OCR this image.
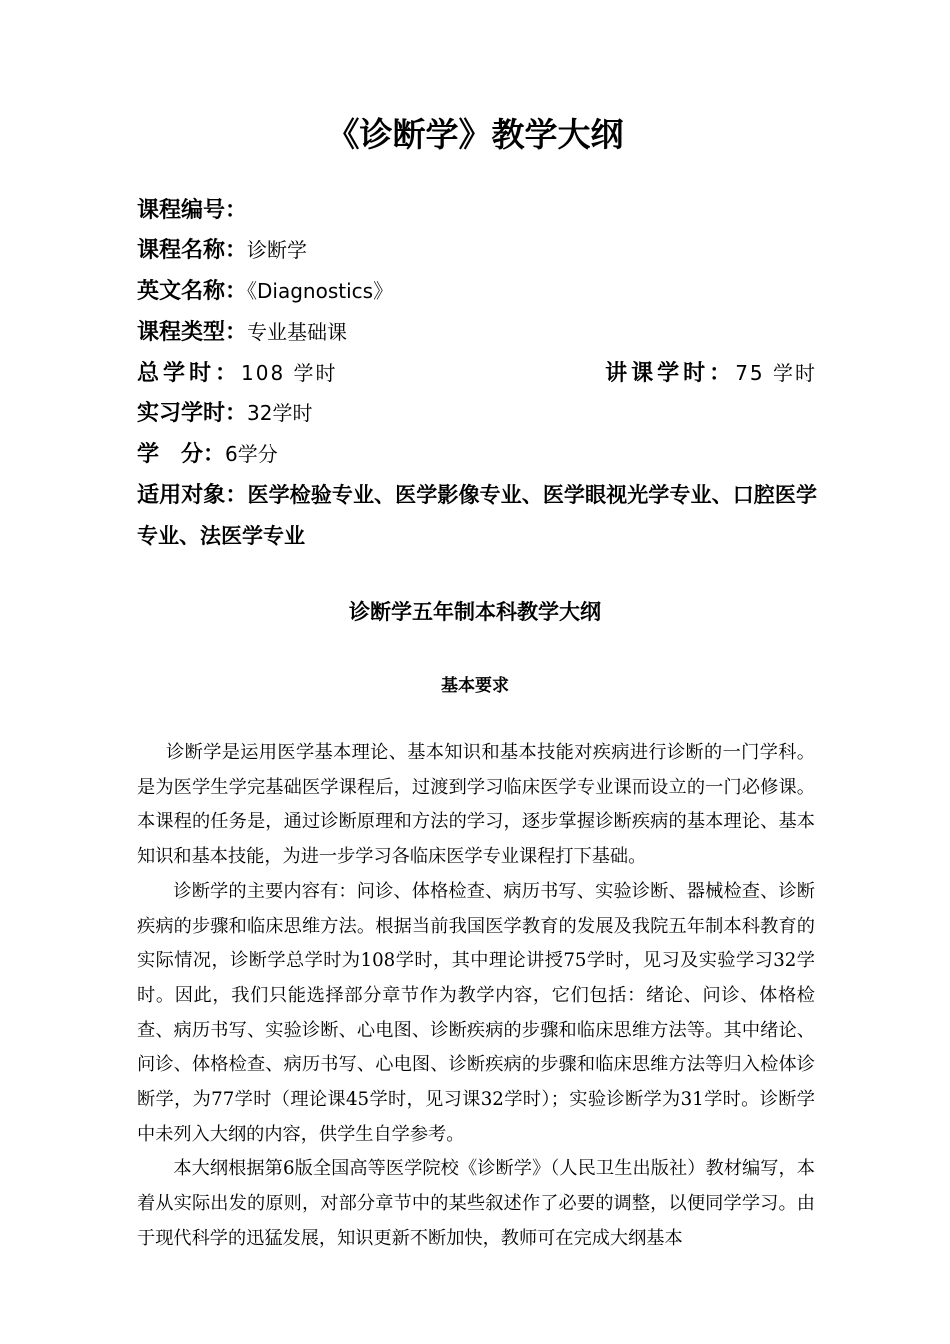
《诊断学》教学大纲
课程编号：
课程名称：诊断学
英文名称：《Diagnostics》
课程类型：专业基础课
总学时：108 学时	讲课学时：75 学时
实习学时：32学时
学　分：6学分
适用对象：医学检验专业、医学影像专业、医学眼视光学专业、口腔医学专业、法医学专业
诊断学五年制本科教学大纲
基本要求

诊断学是运用医学基本理论、基本知识和基本技能对疾病进行诊断的一门学科。是为医学生学完基础医学课程后，过渡到学习临床医学专业课而设立的一门必修课。本课程的任务是，通过诊断原理和方法的学习，逐步掌握诊断疾病的基本理论、基本知识和基本技能，为进一步学习各临床医学专业课程打下基础。

诊断学的主要内容有：问诊、体格检查、病历书写、实验诊断、器械检查、诊断疾病的步骤和临床思维方法。根据当前我国医学教育的发展及我院五年制本科教育的实际情况，诊断学总学时为108学时，其中理论讲授75学时，见习及实验学习32学时。因此，我们只能选择部分章节作为教学内容，它们包括：绪论、问诊、体格检查、病历书写、实验诊断、心电图、诊断疾病的步骤和临床思维方法等。其中绪论、问诊、体格检查、病历书写、心电图、诊断疾病的步骤和临床思维方法等归入检体诊断学，为77学时（理论课45学时，见习课32学时）；实验诊断学为31学时。诊断学中未列入大纲的内容，供学生自学参考。

本大纲根据第6版全国高等医学院校《诊断学》（人民卫生出版社）教材编写，本着从实际出发的原则，对部分章节中的某些叙述作了必要的调整，以便同学学习。由于现代科学的迅猛发展，知识更新不断加快，教师可在完成大纲基本
